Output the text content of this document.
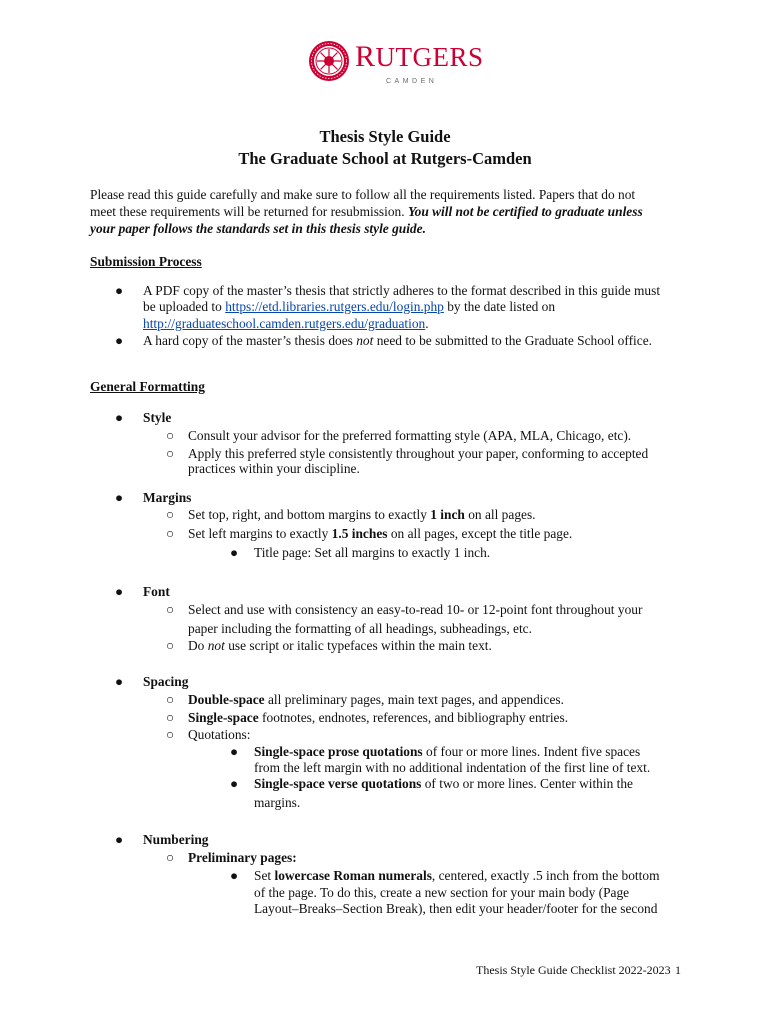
RUTGERS
CAMDEN
Thesis Style Guide
The Graduate School at Rutgers-Camden
Please read this guide carefully and make sure to follow all the requirements listed. Papers that do not
meet these requirements will be returned for resubmission. You will not be certified to graduate unless
your paper follows the standards set in this thesis style guide.
Submission Process
● A PDF copy of the master’s thesis that strictly adheres to the format described in this guide must
be uploaded to https://etd.libraries.rutgers.edu/login.php by the date listed on
http://graduateschool.camden.rutgers.edu/graduation.
● A hard copy of the master’s thesis does not need to be submitted to the Graduate School office.
General Formatting
● Style
○ Consult your advisor for the preferred formatting style (APA, MLA, Chicago, etc).
○ Apply this preferred style consistently throughout your paper, conforming to accepted
practices within your discipline.
● Margins
○ Set top, right, and bottom margins to exactly 1 inch on all pages.
○ Set left margins to exactly 1.5 inches on all pages, except the title page.
● Title page: Set all margins to exactly 1 inch.
● Font
○ Select and use with consistency an easy-to-read 10- or 12-point font throughout your
paper including the formatting of all headings, subheadings, etc.
○ Do not use script or italic typefaces within the main text.
● Spacing
○ Double-space all preliminary pages, main text pages, and appendices.
○ Single-space footnotes, endnotes, references, and bibliography entries.
○ Quotations:
● Single-space prose quotations of four or more lines. Indent five spaces
from the left margin with no additional indentation of the first line of text.
● Single-space verse quotations of two or more lines. Center within the
margins.
● Numbering
○ Preliminary pages:
● Set lowercase Roman numerals, centered, exactly .5 inch from the bottom
of the page. To do this, create a new section for your main body (Page
Layout–Breaks–Section Break), then edit your header/footer for the second
Thesis Style Guide Checklist 2022-2023 1
